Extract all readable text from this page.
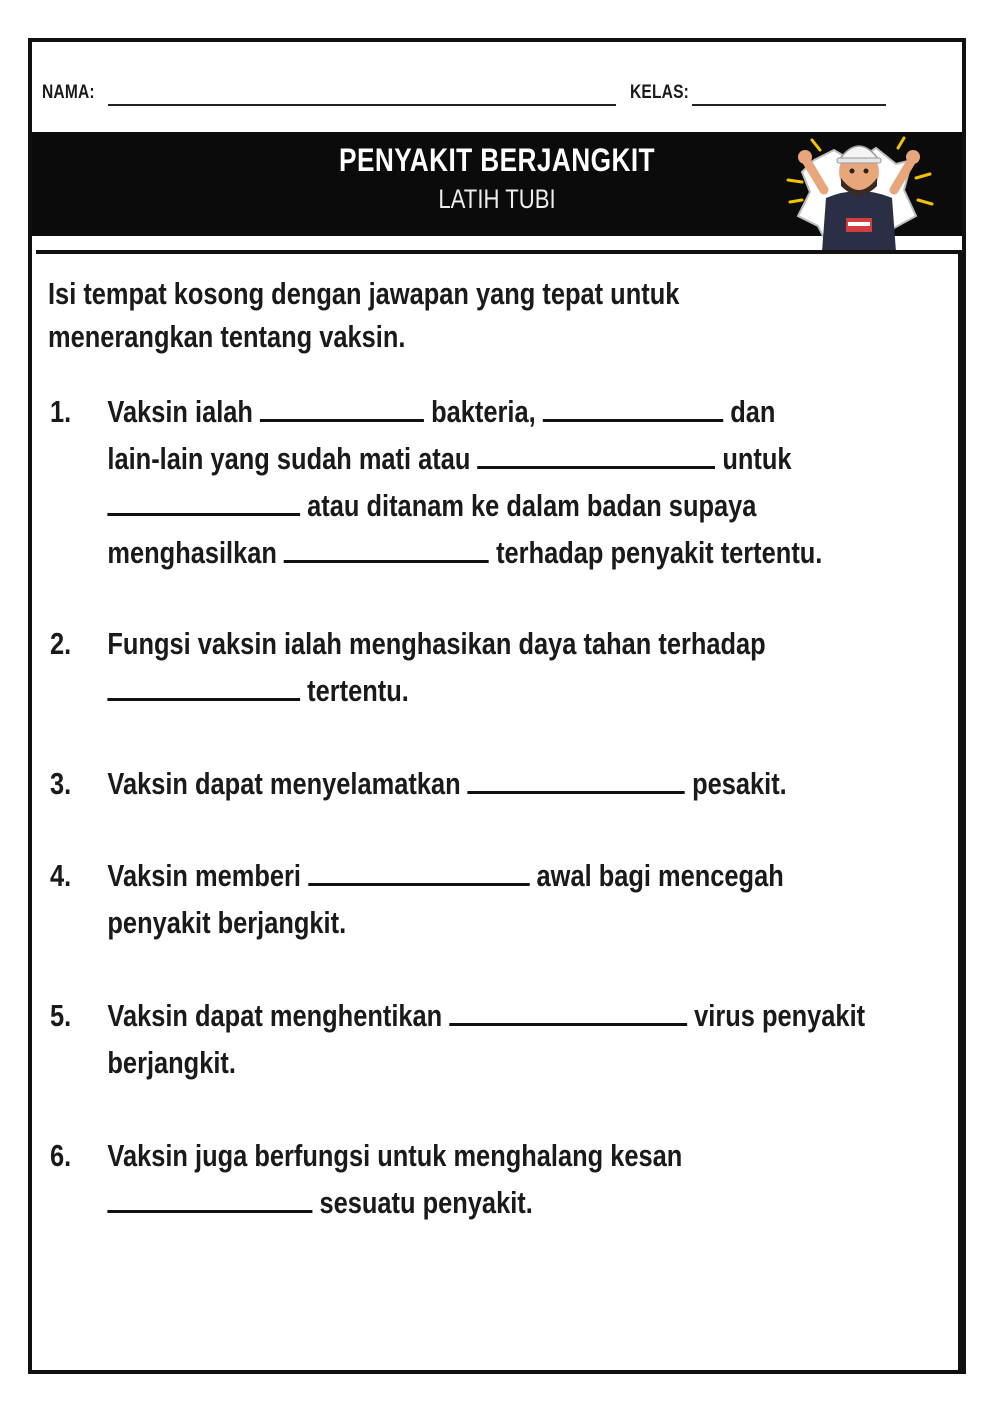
NAMA:	KELAS:
PENYAKIT BERJANGKIT
LATIH TUBI
Isi tempat kosong dengan jawapan yang tepat untuk
menerangkan tentang vaksin.
1. Vaksin ialah	bakteria,	dan
lain-lain yang sudah mati atau	untuk
atau ditanam ke dalam badan supaya
menghasilkan	terhadap penyakit tertentu.
2. Fungsi vaksin ialah menghasikan daya tahan terhadap
tertentu.
3. Vaksin dapat menyelamatkan	pesakit.
4. Vaksin memberi	awal bagi mencegah
penyakit berjangkit.
5. Vaksin dapat menghentikan	virus penyakit
berjangkit.
6. Vaksin juga berfungsi untuk menghalang kesan
sesuatu penyakit.
